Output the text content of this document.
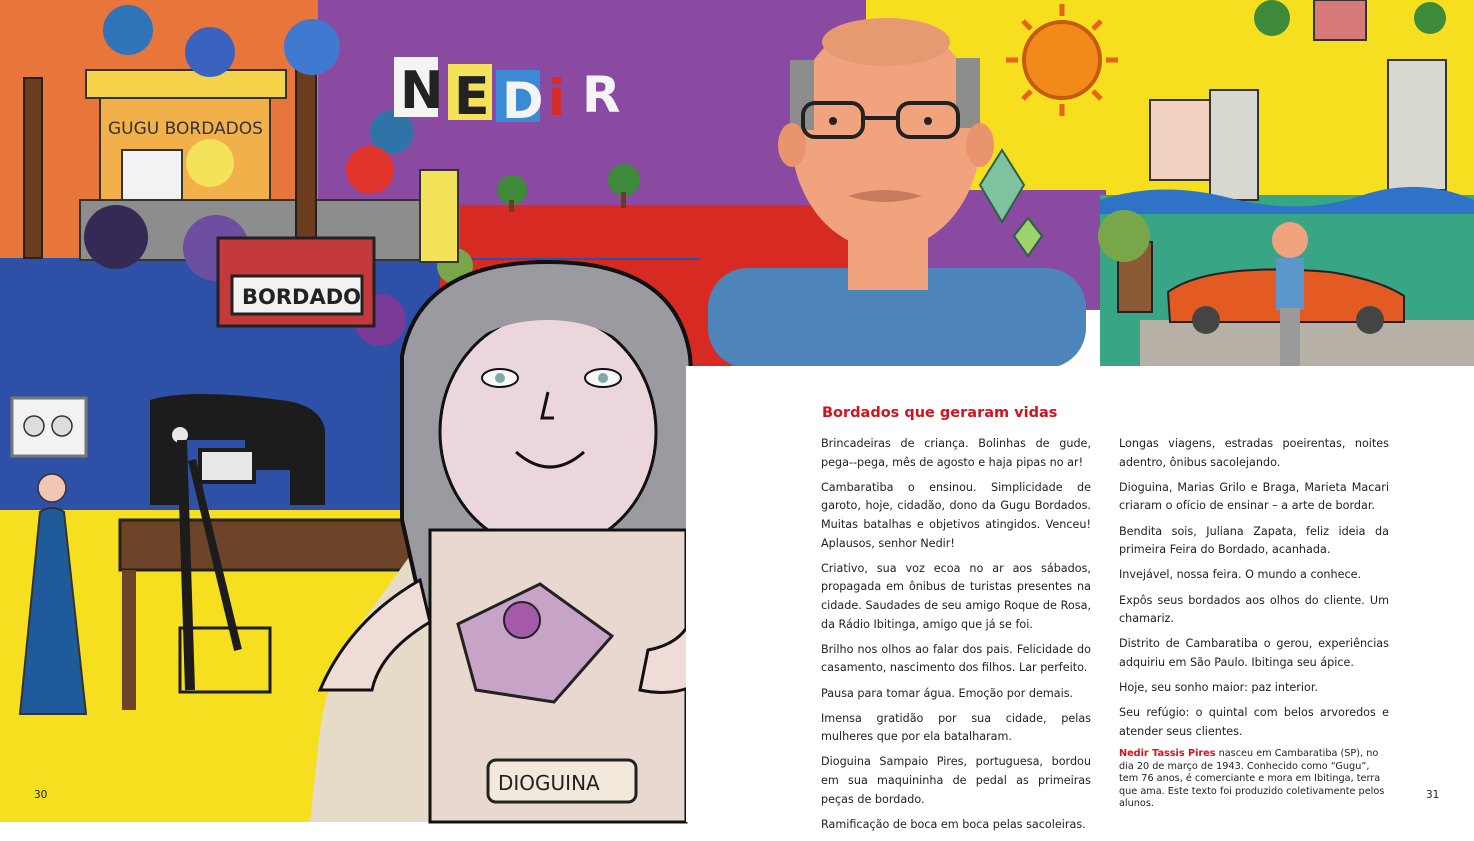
GUGU BORDADOS
N E D i R
BORDADO
DIOGUINA
Bordados que geraram vidas

Brincadeiras de criança. Bolinhas de gude, pega--pega, mês de agosto e haja pipas no ar!

Cambaratiba o ensinou. Simplicidade de garoto, hoje, cidadão, dono da Gugu Bordados. Muitas batalhas e objetivos atingidos. Venceu! Aplausos, senhor Nedir!

Criativo, sua voz ecoa no ar aos sábados, propagada em ônibus de turistas presentes na cidade. Saudades de seu amigo Roque de Rosa, da Rádio Ibitinga, amigo que já se foi.

Brilho nos olhos ao falar dos pais. Felicidade do casamento, nascimento dos filhos. Lar perfeito.

Pausa para tomar água. Emoção por demais.

Imensa gratidão por sua cidade, pelas mulheres que por ela batalharam.

Dioguina Sampaio Pires, portuguesa, bordou em sua maquininha de pedal as primeiras peças de bordado.

Ramificação de boca em boca pelas sacoleiras.

Longas viagens, estradas poeirentas, noites adentro, ônibus sacolejando.

Dioguina, Marias Grilo e Braga, Marieta Macari criaram o ofício de ensinar – a arte de bordar.

Bendita sois, Juliana Zapata, feliz ideia da primeira Feira do Bordado, acanhada.

Invejável, nossa feira. O mundo a conhece.

Expôs seus bordados aos olhos do cliente. Um chamariz.

Distrito de Cambaratiba o gerou, experiências adquiriu em São Paulo. Ibitinga seu ápice.

Hoje, seu sonho maior: paz interior.

Seu refúgio: o quintal com belos arvoredos e atender seus clientes.

Nedir Tassis Pires nasceu em Cambaratiba (SP), no dia 20 de março de 1943. Conhecido como “Gugu”, tem 76 anos, é comerciante e mora em Ibitinga, terra que ama. Este texto foi produzido coletivamente pelos alunos.
30	31
